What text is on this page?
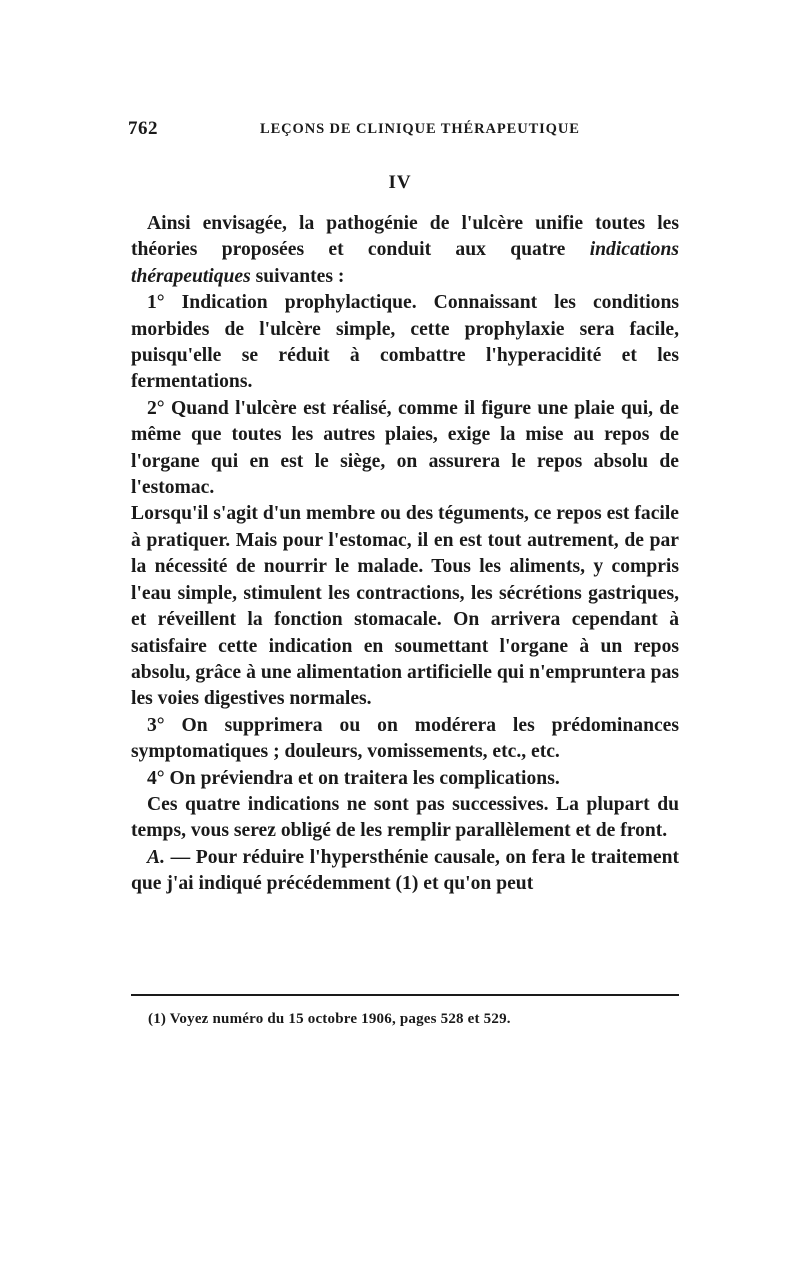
762	LEÇONS DE CLINIQUE THÉRAPEUTIQUE
IV

Ainsi envisagée, la pathogénie de l'ulcère unifie toutes les théories proposées et conduit aux quatre indications thérapeutiques suivantes :

1° Indication prophylactique. Connaissant les conditions morbides de l'ulcère simple, cette prophylaxie sera facile, puisqu'elle se réduit à combattre l'hyperacidité et les fermentations.

2° Quand l'ulcère est réalisé, comme il figure une plaie qui, de même que toutes les autres plaies, exige la mise au repos de l'organe qui en est le siège, on assurera le repos absolu de l'estomac.

Lorsqu'il s'agit d'un membre ou des téguments, ce repos est facile à pratiquer. Mais pour l'estomac, il en est tout autrement, de par la nécessité de nourrir le malade. Tous les aliments, y compris l'eau simple, stimulent les contractions, les sécrétions gastriques, et réveillent la fonction stomacale. On arrivera cependant à satisfaire cette indication en soumettant l'organe à un repos absolu, grâce à une alimentation artificielle qui n'empruntera pas les voies digestives normales.

3° On supprimera ou on modérera les prédominances symptomatiques ; douleurs, vomissements, etc., etc.

4° On préviendra et on traitera les complications.

Ces quatre indications ne sont pas successives. La plupart du temps, vous serez obligé de les remplir parallèlement et de front.

A. — Pour réduire l'hypersthénie causale, on fera le traitement que j'ai indiqué précédemment (1) et qu'on peut

(1) Voyez numéro du 15 octobre 1906, pages 528 et 529.
